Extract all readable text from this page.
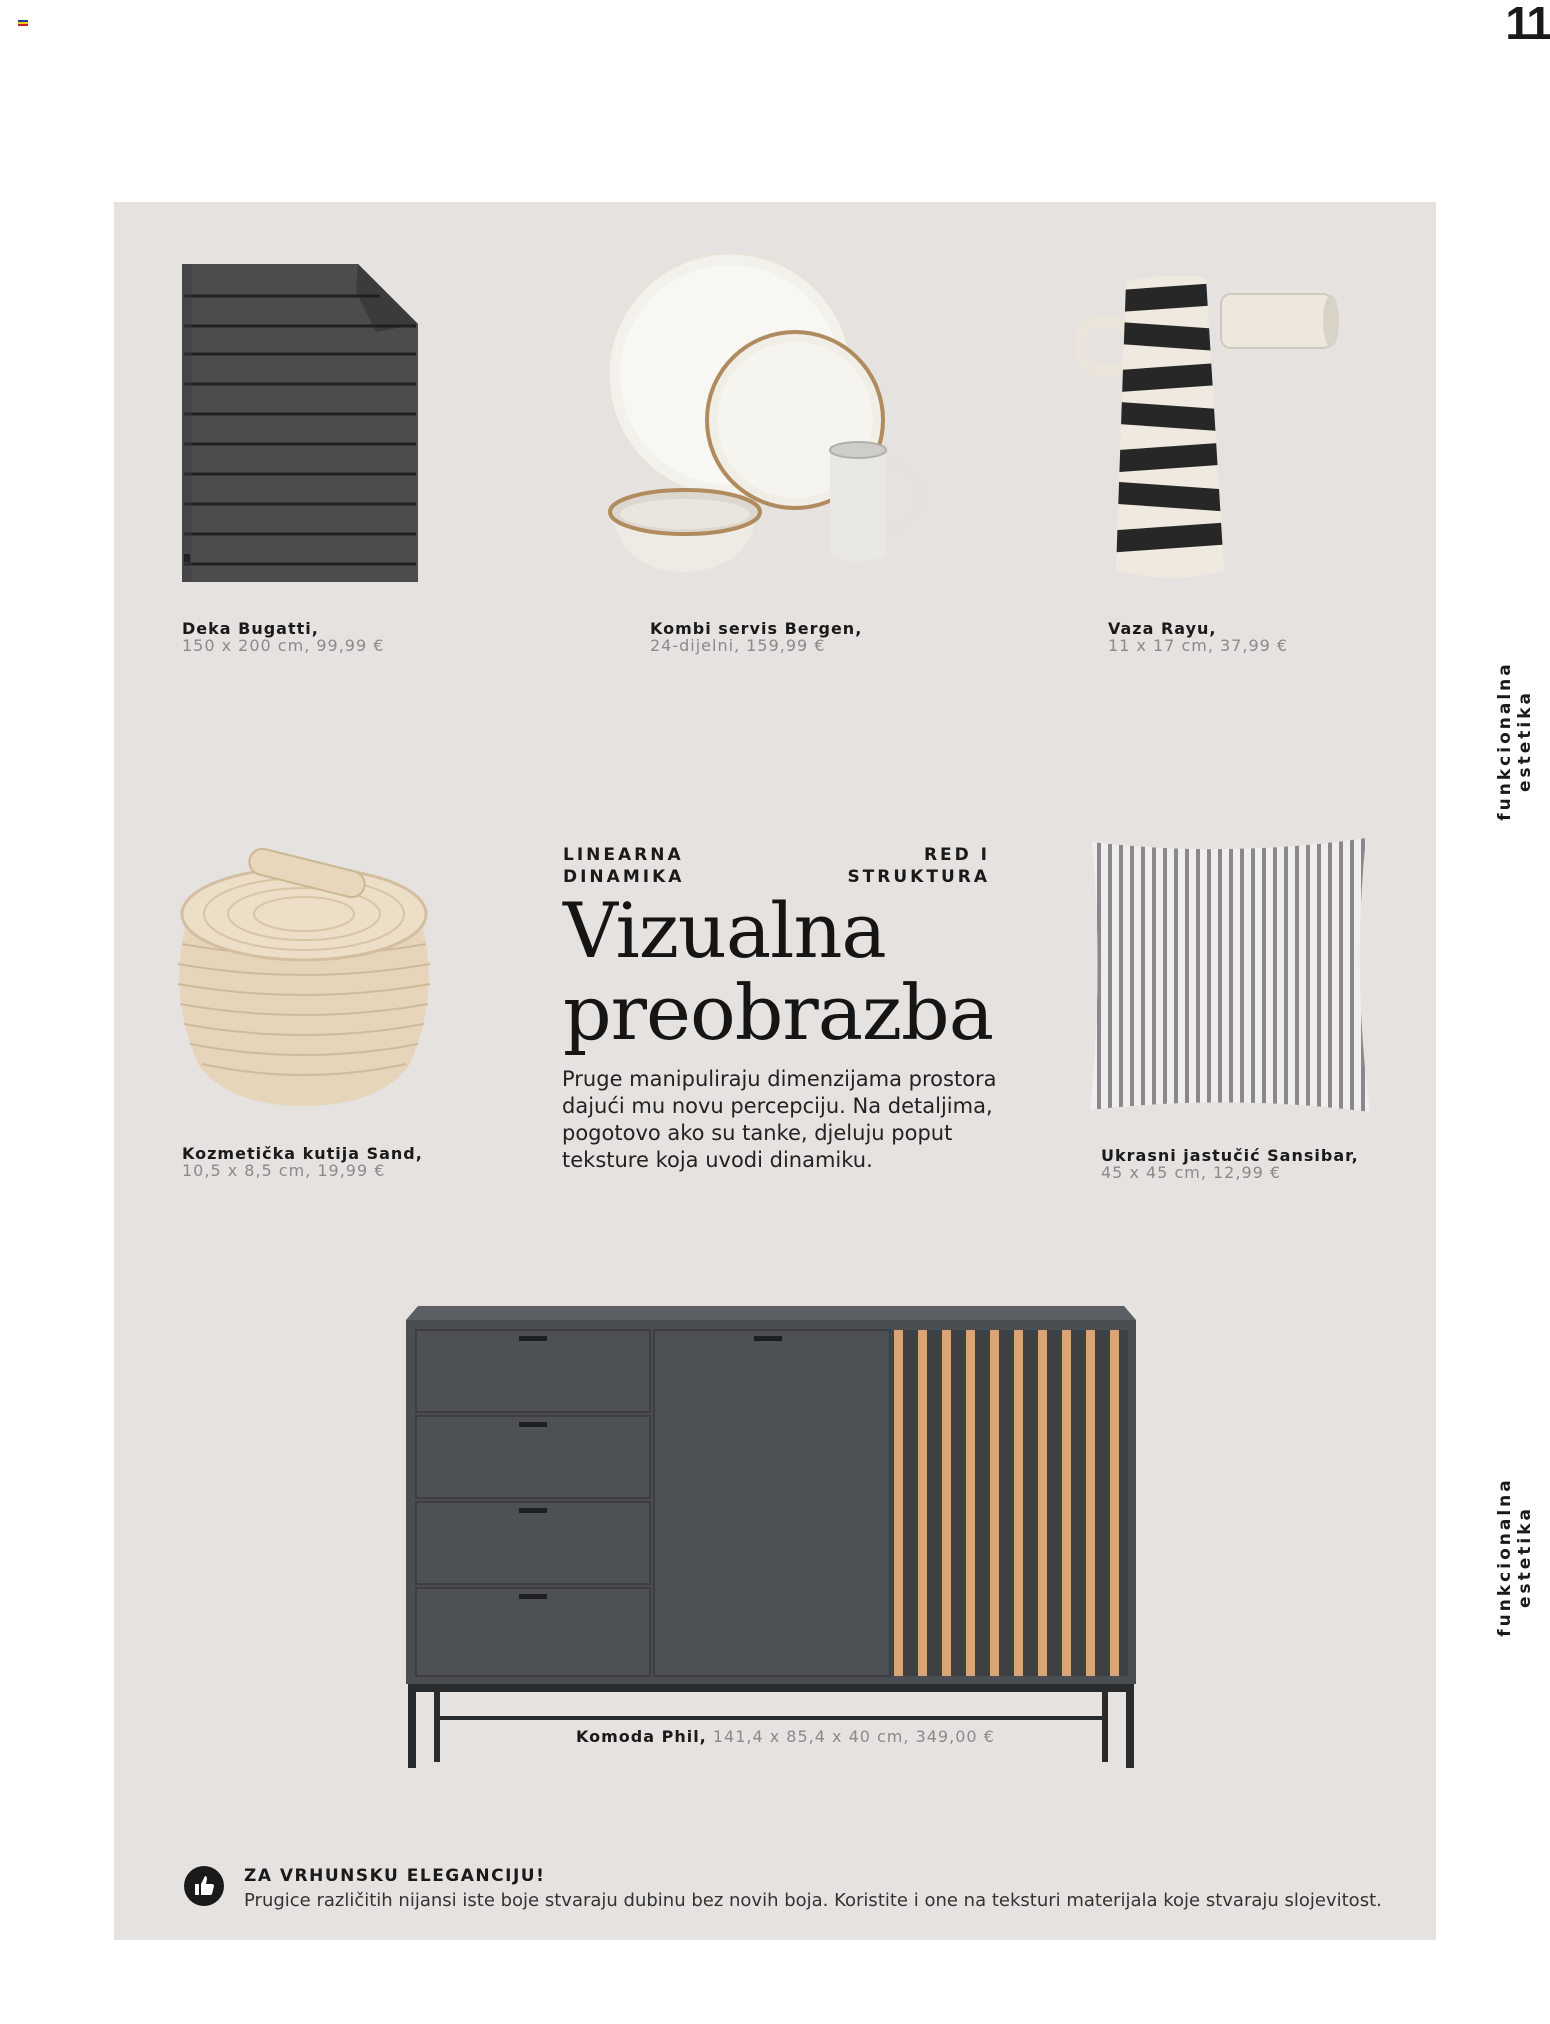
11
Deka Bugatti,
150 x 200 cm, 99,99 €
Kombi servis Bergen,
24-dijelni, 159,99 €
Vaza Rayu,
11 x 17 cm, 37,99 €
Kozmetička kutija Sand,
10,5 x 8,5 cm, 19,99 €
LINEARNA
DINAMIKA
RED I
STRUKTURA
Vizualna
preobrazba
Pruge manipuliraju dimenzijama prostora dajući mu novu percepciju. Na detaljima, pogotovo ako su tanke, djeluju poput teksture koja uvodi dinamiku.	Ukrasni jastučić Sansibar,
45 x 45 cm, 12,99 €
Komoda Phil, 141,4 x 85,4 x 40 cm, 349,00 €
funkcionalna estetika
funkcionalna estetika
ZA VRHUNSKU ELEGANCIJU!
Prugice različitih nijansi iste boje stvaraju dubinu bez novih boja. Koristite i one na teksturi materijala koje stvaraju slojevitost.
